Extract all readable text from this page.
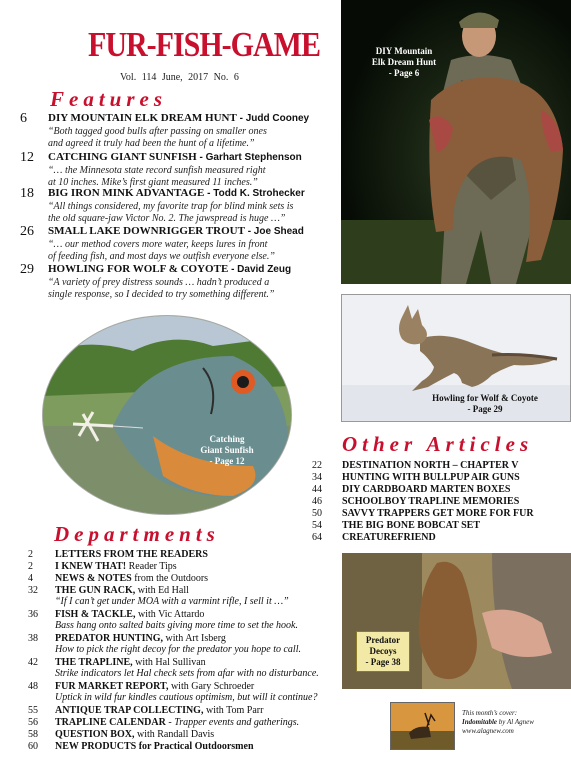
FUR-FISH-GAME
Vol. 114 June, 2017 No. 6
Features
6	DIY MOUNTAIN ELK DREAM HUNT - Judd Cooney
“Both tagged good bulls after passing on smaller ones
and agreed it truly had been the hunt of a lifetime.”
12	CATCHING GIANT SUNFISH - Garhart Stephenson
“… the Minnesota state record sunfish measured right
at 10 inches. Mike’s first giant measured 11 inches.”
18	BIG IRON MINK ADVANTAGE - Todd K. Strohecker
“All things considered, my favorite trap for blind mink sets is
the old square-jaw Victor No. 2. The jawspread is huge …”
26	SMALL LAKE DOWNRIGGER TROUT - Joe Shead
“… our method covers more water, keeps lures in front
of feeding fish, and most days we outfish everyone else.”
29	HOWLING FOR WOLF & COYOTE - David Zeug
“A variety of prey distress sounds … hadn’t produced a
single response, so I decided to try something different.”
DIY Mountain
Elk Dream Hunt
- Page 6
Howling for Wolf & Coyote
- Page 29
Catching
Giant Sunfish
- Page 12
Other Articles
22 DESTINATION NORTH – CHAPTER V
34 HUNTING WITH BULLPUP AIR GUNS
44 DIY CARDBOARD MARTEN BOXES
46 SCHOOLBOY TRAPLINE MEMORIES
50 SAVVY TRAPPERS GET MORE FOR FUR
54 THE BIG BONE BOBCAT SET
64 CREATUREFRIEND
Departments
2 LETTERS FROM THE READERS
2 I KNEW THAT! Reader Tips
4 NEWS & NOTES from the Outdoors
32 THE GUN RACK, with Ed Hall
“If I can’t get under MOA with a varmint rifle, I sell it …”
36 FISH & TACKLE, with Vic Attardo
Bass hang onto salted baits giving more time to set the hook.
38 PREDATOR HUNTING, with Art Isberg
How to pick the right decoy for the predator you hope to call.
42 THE TRAPLINE, with Hal Sullivan
Strike indicators let Hal check sets from afar with no disturbance.
48 FUR MARKET REPORT, with Gary Schroeder
Uptick in wild fur kindles cautious optimism, but will it continue?
55 ANTIQUE TRAP COLLECTING, with Tom Parr
56 TRAPLINE CALENDAR - Trapper events and gatherings.
58 QUESTION BOX, with Randall Davis
60 NEW PRODUCTS for Practical Outdoorsmen
Predator
Decoys
- Page 38
This month’s cover:
Indomitable by Al Agnew
www.alagnew.com
